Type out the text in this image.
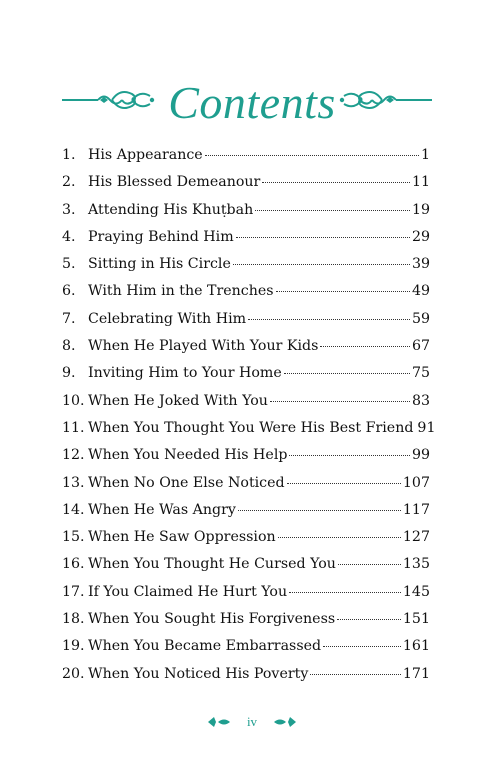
Contents
1. His Appearance	1
2. His Blessed Demeanour	11
3. Attending His Khuṭbah	19
4. Praying Behind Him	29
5. Sitting in His Circle	39
6. With Him in the Trenches	49
7. Celebrating With Him	59
8. When He Played With Your Kids	67
9. Inviting Him to Your Home	75
10. When He Joked With You	83
11. When You Thought You Were His Best Friend 91
12. When You Needed His Help	99
13. When No One Else Noticed	107
14. When He Was Angry	117
15. When He Saw Oppression	127
16. When You Thought He Cursed You	135
17. If You Claimed He Hurt You	145
18. When You Sought His Forgiveness	151
19. When You Became Embarrassed	161
20. When You Noticed His Poverty	171
iv
